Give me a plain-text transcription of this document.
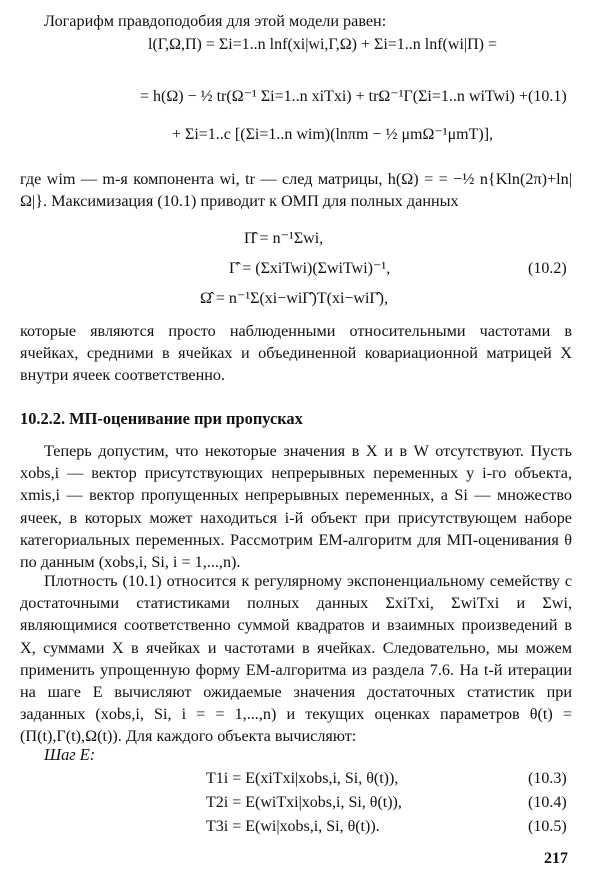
Логарифм правдоподобия для этой модели равен:

l(Γ,Ω,Π) = Σi=1..n lnf(xi|wi,Γ,Ω) + Σi=1..n lnf(wi|Π) =
= h(Ω) − ½ tr(Ω⁻¹ Σi=1..n xiTxi) + trΩ⁻¹Γ(Σi=1..n wiTwi) + (10.1)
+ Σi=1..c [(Σi=1..n wim)(lnπm − ½ μmΩ⁻¹μmT)],

где wim — m-я компонента wi, tr — след матрицы, h(Ω) = = −½ n{Kln(2π)+ln|Ω|}. Максимизация (10.1) приводит к ОМП для полных данных

Π̂ = n⁻¹Σwi,
Γ̂ = (ΣxiTwi)(ΣwiTwi)⁻¹,	(10.2)
Ω̂ = n⁻¹Σ(xi−wiΓ̂)T(xi−wiΓ̂),

которые являются просто наблюденными относительными частотами в ячейках, средними в ячейках и объединенной ковариационной матрицей X внутри ячеек соответственно.

10.2.2. МП-оценивание при пропусках

Теперь допустим, что некоторые значения в X и в W отсутствуют. Пусть xobs,i — вектор присутствующих непрерывных переменных у i-го объекта, xmis,i — вектор пропущенных непрерывных переменных, а Si — множество ячеек, в которых может находиться i-й объект при присутствующем наборе категориальных переменных. Рассмотрим ЕМ-алгоритм для МП-оценивания θ по данным (xobs,i, Si, i = 1,...,n).

Плотность (10.1) относится к регулярному экспоненциальному семейству с достаточными статистиками полных данных ΣxiTxi, ΣwiTxi и Σwi, являющимися соответственно суммой квадратов и взаимных произведений в X, суммами X в ячейках и частотами в ячейках. Следовательно, мы можем применить упрощенную форму ЕМ-алгоритма из раздела 7.6. На t-й итерации на шаге Е вычисляют ожидаемые значения достаточных статистик при заданных (xobs,i, Si, i = = 1,...,n) и текущих оценках параметров θ(t) = (Π(t),Γ(t),Ω(t)). Для каждого объекта вычисляют:

Шаг Е:

T1i = E(xiTxi|xobs,i, Si, θ(t)),	(10.3)
T2i = E(wiTxi|xobs,i, Si, θ(t)),	(10.4)
T3i = E(wi|xobs,i, Si, θ(t)).	(10.5)

217
